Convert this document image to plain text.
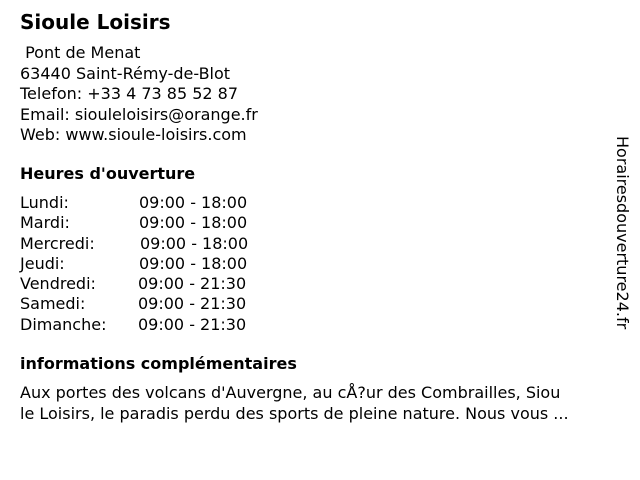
Sioule Loisirs
Pont de Menat
63440 Saint-Rémy-de-Blot
Telefon: +33 4 73 85 52 87
Email: siouleloisirs@orange.fr
Web: www.sioule-loisirs.com
Heures d'ouverture
Lundi:	09:00 - 18:00
Mardi:	09:00 - 18:00
Mercredi:	09:00 - 18:00
Jeudi:	09:00 - 18:00
Vendredi:	09:00 - 21:30
Samedi:	09:00 - 21:30
Dimanche: 09:00 - 21:30
informations complémentaires
Aux portes des volcans d'Auvergne, au cÅ?ur des Combrailles, Siou
le Loisirs, le paradis perdu des sports de pleine nature. Nous vous ...
Horairesdouverture24.fr
